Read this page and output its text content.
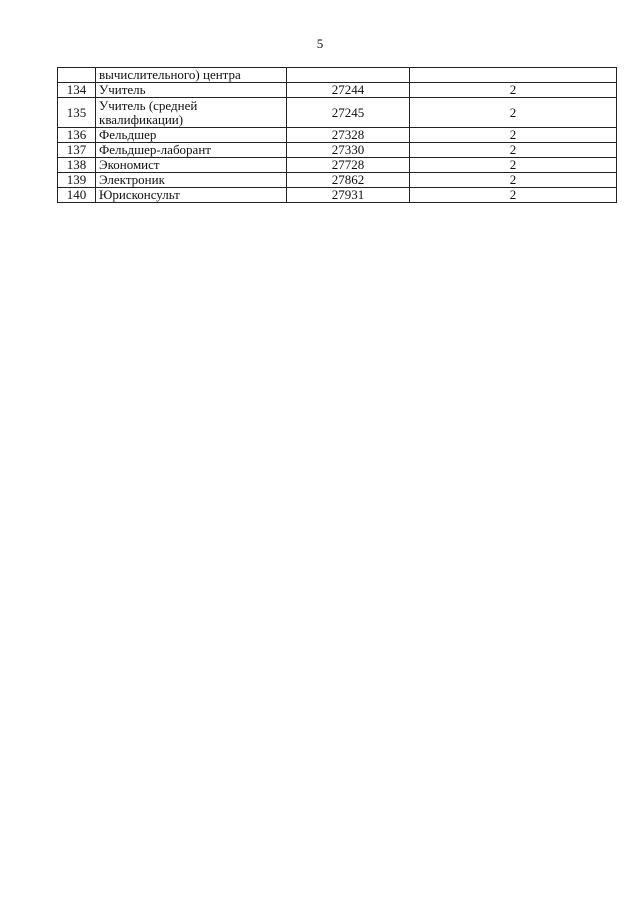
5
	вычислительного) центра		
134	Учитель	27244	2
135	Учитель (средней квалификации)	27245	2
136	Фельдшер	27328	2
137	Фельдшер-лаборант	27330	2
138	Экономист	27728	2
139	Электроник	27862	2
140	Юрисконсульт	27931	2
